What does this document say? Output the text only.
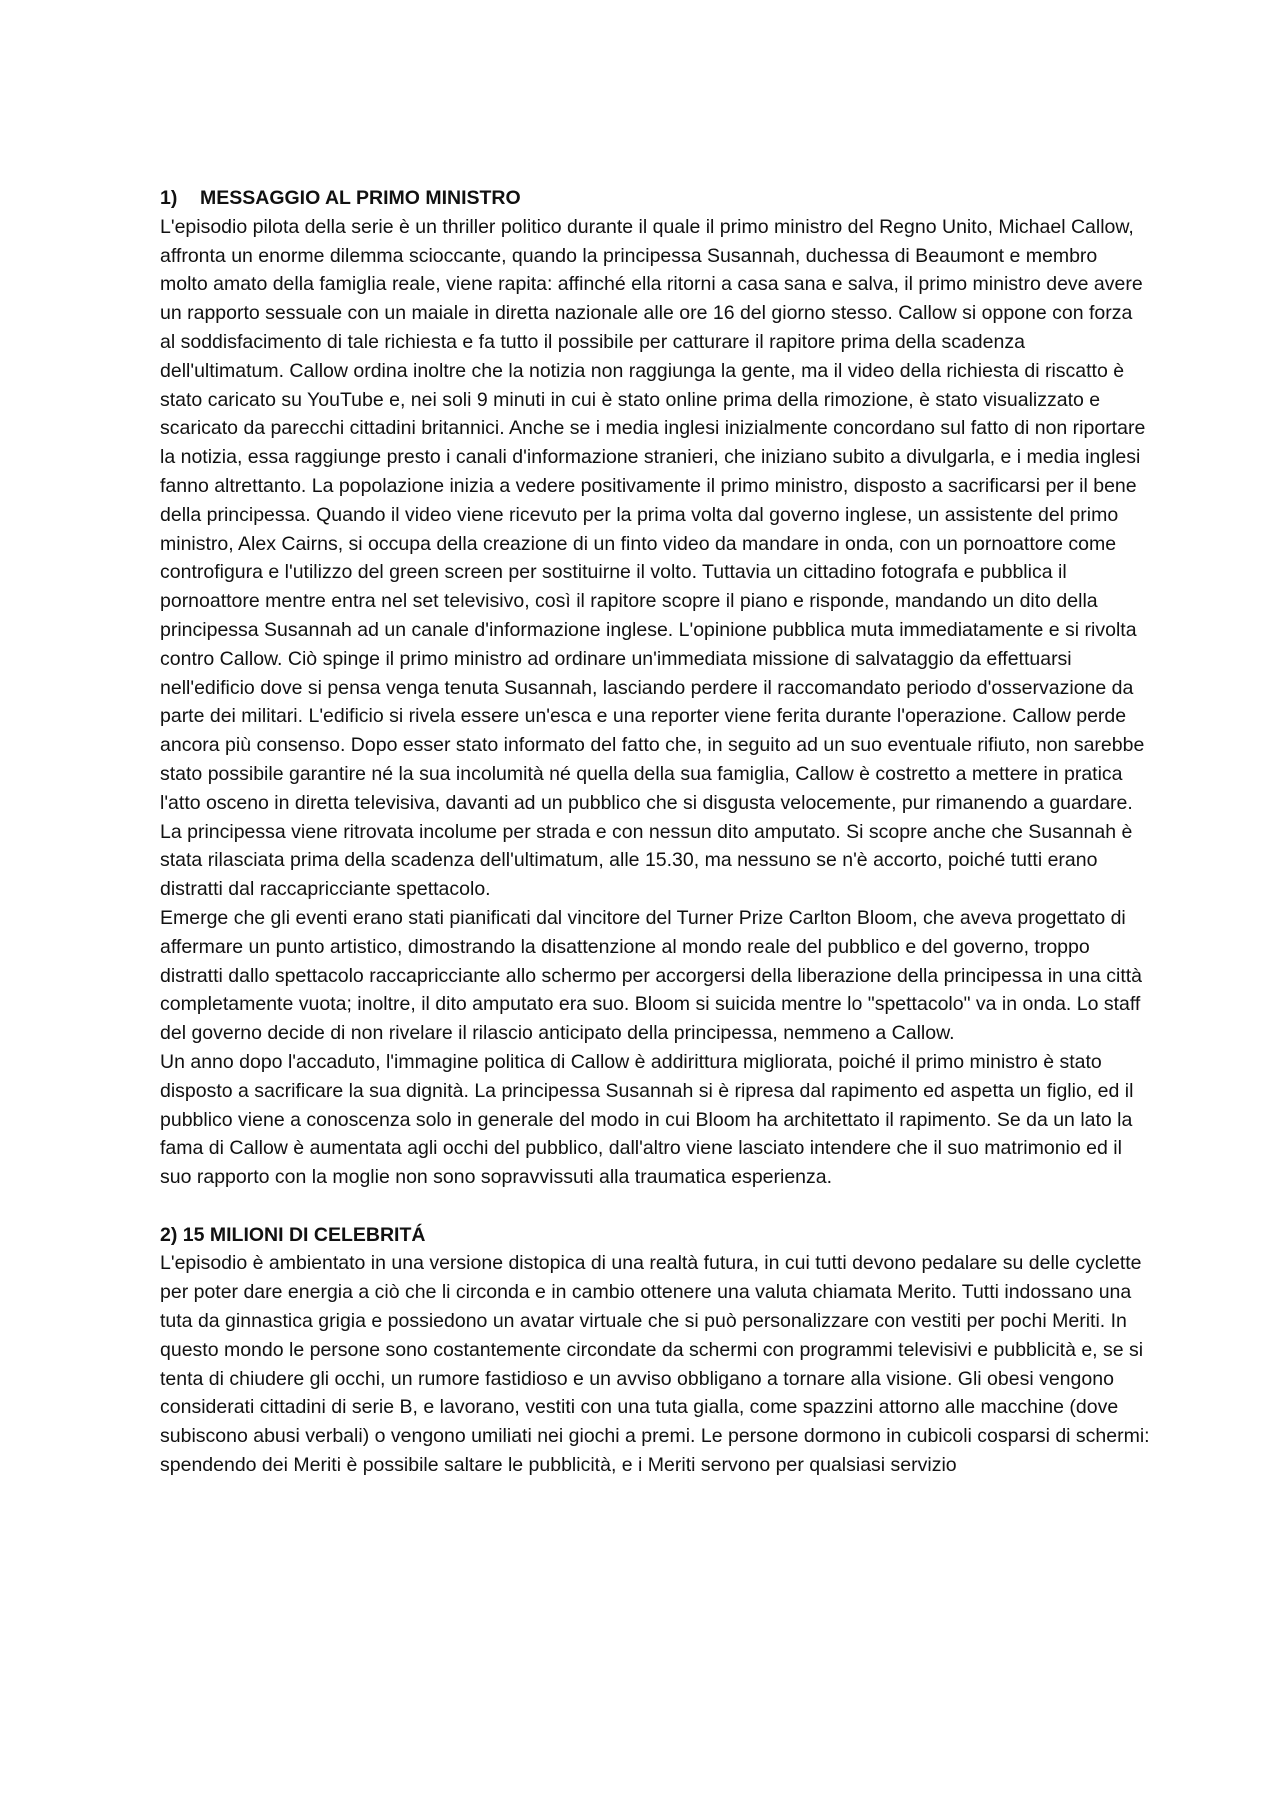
1) MESSAGGIO AL PRIMO MINISTRO

L'episodio pilota della serie è un thriller politico durante il quale il primo ministro del Regno Unito, Michael Callow, affronta un enorme dilemma scioccante, quando la principessa Susannah, duchessa di Beaumont e membro molto amato della famiglia reale, viene rapita: affinché ella ritorni a casa sana e salva, il primo ministro deve avere un rapporto sessuale con un maiale in diretta nazionale alle ore 16 del giorno stesso. Callow si oppone con forza al soddisfacimento di tale richiesta e fa tutto il possibile per catturare il rapitore prima della scadenza dell'ultimatum. Callow ordina inoltre che la notizia non raggiunga la gente, ma il video della richiesta di riscatto è stato caricato su YouTube e, nei soli 9 minuti in cui è stato online prima della rimozione, è stato visualizzato e scaricato da parecchi cittadini britannici. Anche se i media inglesi inizialmente concordano sul fatto di non riportare la notizia, essa raggiunge presto i canali d'informazione stranieri, che iniziano subito a divulgarla, e i media inglesi fanno altrettanto. La popolazione inizia a vedere positivamente il primo ministro, disposto a sacrificarsi per il bene della principessa. Quando il video viene ricevuto per la prima volta dal governo inglese, un assistente del primo ministro, Alex Cairns, si occupa della creazione di un finto video da mandare in onda, con un pornoattore come controfigura e l'utilizzo del green screen per sostituirne il volto. Tuttavia un cittadino fotografa e pubblica il pornoattore mentre entra nel set televisivo, così il rapitore scopre il piano e risponde, mandando un dito della principessa Susannah ad un canale d'informazione inglese. L'opinione pubblica muta immediatamente e si rivolta contro Callow. Ciò spinge il primo ministro ad ordinare un'immediata missione di salvataggio da effettuarsi nell'edificio dove si pensa venga tenuta Susannah, lasciando perdere il raccomandato periodo d'osservazione da parte dei militari. L'edificio si rivela essere un'esca e una reporter viene ferita durante l'operazione. Callow perde ancora più consenso. Dopo esser stato informato del fatto che, in seguito ad un suo eventuale rifiuto, non sarebbe stato possibile garantire né la sua incolumità né quella della sua famiglia, Callow è costretto a mettere in pratica l'atto osceno in diretta televisiva, davanti ad un pubblico che si disgusta velocemente, pur rimanendo a guardare. La principessa viene ritrovata incolume per strada e con nessun dito amputato. Si scopre anche che Susannah è stata rilasciata prima della scadenza dell'ultimatum, alle 15.30, ma nessuno se n'è accorto, poiché tutti erano distratti dal raccapricciante spettacolo.

Emerge che gli eventi erano stati pianificati dal vincitore del Turner Prize Carlton Bloom, che aveva progettato di affermare un punto artistico, dimostrando la disattenzione al mondo reale del pubblico e del governo, troppo distratti dallo spettacolo raccapricciante allo schermo per accorgersi della liberazione della principessa in una città completamente vuota; inoltre, il dito amputato era suo. Bloom si suicida mentre lo "spettacolo" va in onda. Lo staff del governo decide di non rivelare il rilascio anticipato della principessa, nemmeno a Callow.

Un anno dopo l'accaduto, l'immagine politica di Callow è addirittura migliorata, poiché il primo ministro è stato disposto a sacrificare la sua dignità. La principessa Susannah si è ripresa dal rapimento ed aspetta un figlio, ed il pubblico viene a conoscenza solo in generale del modo in cui Bloom ha architettato il rapimento. Se da un lato la fama di Callow è aumentata agli occhi del pubblico, dall'altro viene lasciato intendere che il suo matrimonio ed il suo rapporto con la moglie non sono sopravvissuti alla traumatica esperienza.

2) 15 MILIONI DI CELEBRITÁ

L'episodio è ambientato in una versione distopica di una realtà futura, in cui tutti devono pedalare su delle cyclette per poter dare energia a ciò che li circonda e in cambio ottenere una valuta chiamata Merito. Tutti indossano una tuta da ginnastica grigia e possiedono un avatar virtuale che si può personalizzare con vestiti per pochi Meriti. In questo mondo le persone sono costantemente circondate da schermi con programmi televisivi e pubblicità e, se si tenta di chiudere gli occhi, un rumore fastidioso e un avviso obbligano a tornare alla visione. Gli obesi vengono considerati cittadini di serie B, e lavorano, vestiti con una tuta gialla, come spazzini attorno alle macchine (dove subiscono abusi verbali) o vengono umiliati nei giochi a premi. Le persone dormono in cubicoli cosparsi di schermi: spendendo dei Meriti è possibile saltare le pubblicità, e i Meriti servono per qualsiasi servizio
